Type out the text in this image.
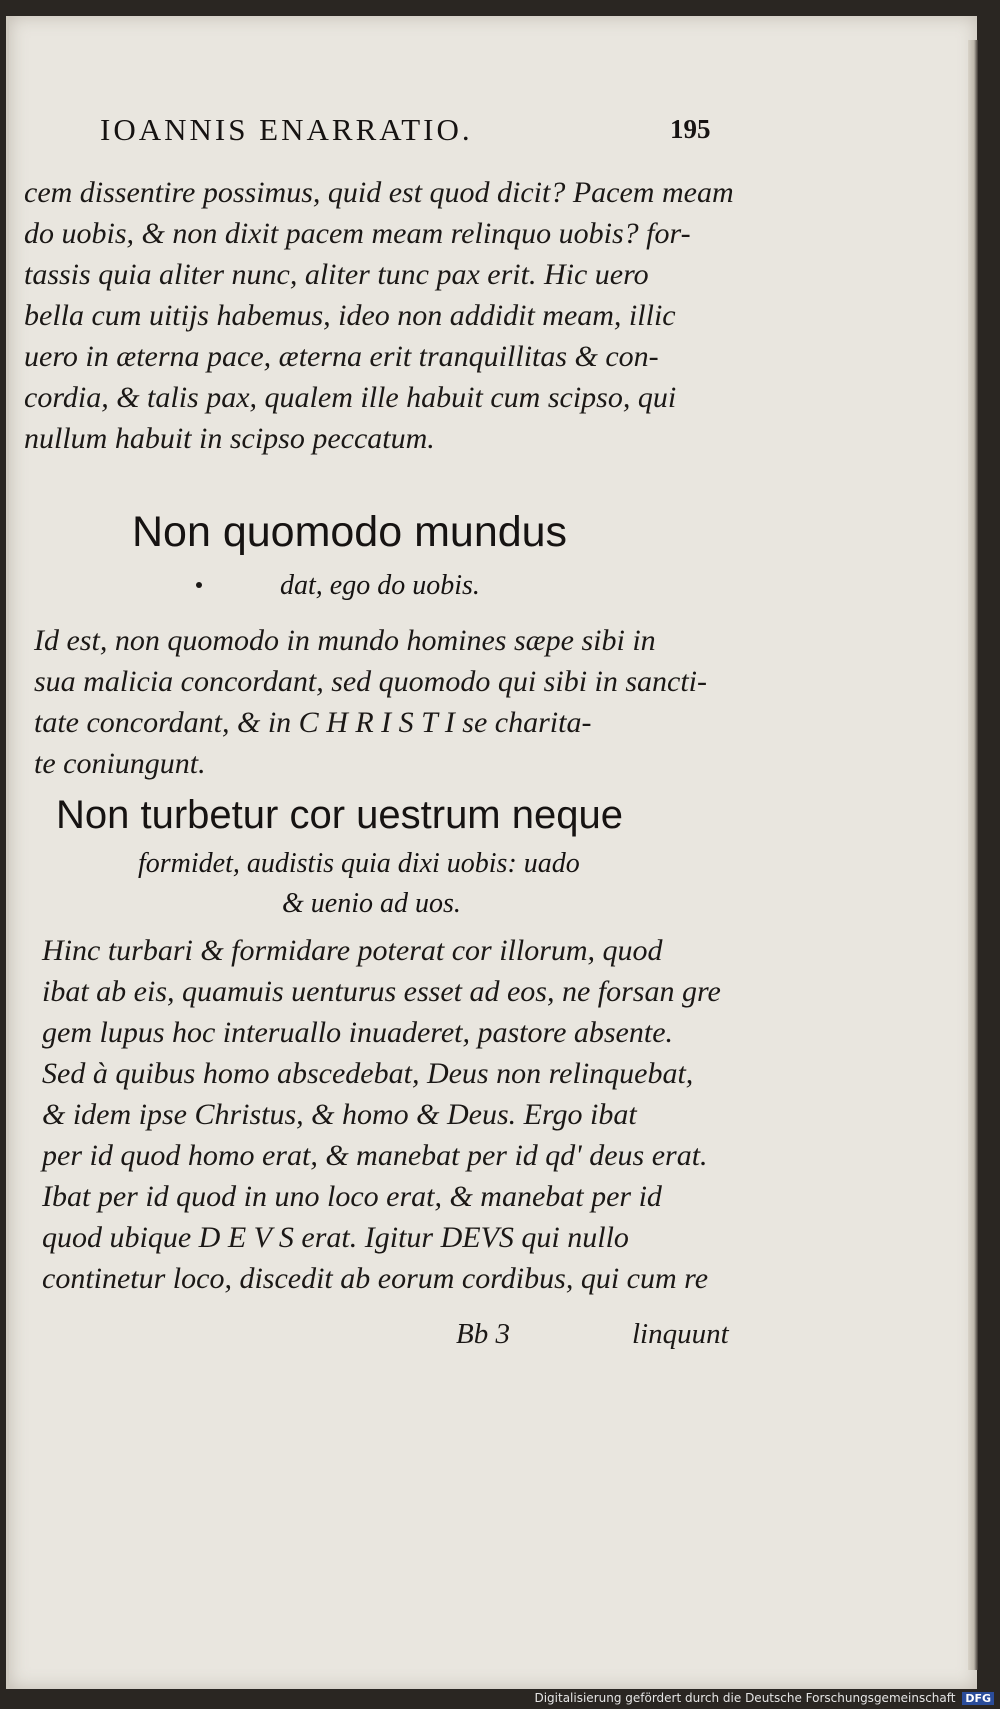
IOANNIS ENARRATIO.	195
cem dissentire possimus, quid est quod dicit? Pacem meam
do uobis, & non dixit pacem meam relinquo uobis? for-
tassis quia aliter nunc, aliter tunc pax erit. Hic uero
bella cum uitijs habemus, ideo non addidit meam, illic
uero in æterna pace, æterna erit tranquillitas & con-
cordia, & talis pax, qualem ille habuit cum scipso, qui
nullum habuit in scipso peccatum.
Non quomodo mundus
dat, ego do uobis.
Id est, non quomodo in mundo homines sæpe sibi in
sua malicia concordant, sed quomodo qui sibi in sancti-
tate concordant, & in C H R I S T I se charita-
te coniungunt.
Non turbetur cor uestrum neque
formidet, audistis quia dixi uobis: uado
& uenio ad uos.
Hinc turbari & formidare poterat cor illorum, quod
ibat ab eis, quamuis uenturus esset ad eos, ne forsan gre
gem lupus hoc interuallo inuaderet, pastore absente.
Sed à quibus homo abscedebat, Deus non relinquebat,
& idem ipse Christus, & homo & Deus. Ergo ibat
per id quod homo erat, & manebat per id qd' deus erat.
Ibat per id quod in uno loco erat, & manebat per id
quod ubique D E V S erat. Igitur DEVS qui nullo
continetur loco, discedit ab eorum cordibus, qui cum re
Bb 3	linquunt
Digitalisierung gefördert durch die Deutsche Forschungsgemeinschaft DFG
